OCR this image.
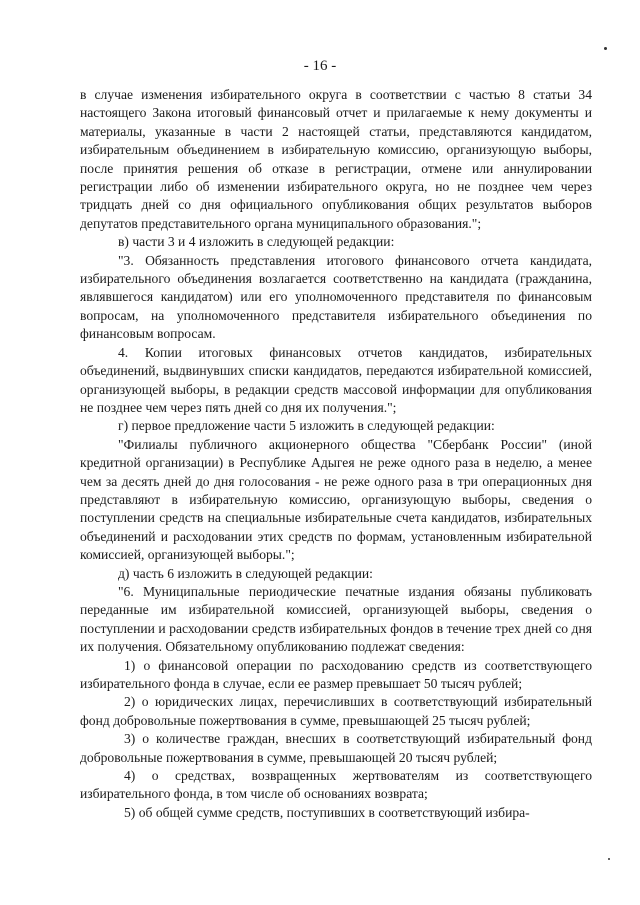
- 16 -

в случае изменения избирательного округа в соответствии с частью 8 статьи 34 настоящего Закона итоговый финансовый отчет и прилагаемые к нему документы и материалы, указанные в части 2 настоящей статьи, представляются кандидатом, избирательным объединением в избирательную комиссию, организующую выборы, после принятия решения об отказе в регистрации, отмене или аннулировании регистрации либо об изменении избирательного округа, но не позднее чем через тридцать дней со дня официального опубликования общих результатов выборов депутатов представительного органа муниципального образования.";

в) части 3 и 4 изложить в следующей редакции:

"3. Обязанность представления итогового финансового отчета кандидата, избирательного объединения возлагается соответственно на кандидата (гражданина, являвшегося кандидатом) или его уполномоченного представителя по финансовым вопросам, на уполномоченного представителя избирательного объединения по финансовым вопросам.

4. Копии итоговых финансовых отчетов кандидатов, избирательных объединений, выдвинувших списки кандидатов, передаются избирательной комиссией, организующей выборы, в редакции средств массовой информации для опубликования не позднее чем через пять дней со дня их получения.";

г) первое предложение части 5 изложить в следующей редакции:

"Филиалы публичного акционерного общества "Сбербанк России" (иной кредитной организации) в Республике Адыгея не реже одного раза в неделю, а менее чем за десять дней до дня голосования - не реже одного раза в три операционных дня представляют в избирательную комиссию, организующую выборы, сведения о поступлении средств на специальные избирательные счета кандидатов, избирательных объединений и расходовании этих средств по формам, установленным избирательной комиссией, организующей выборы.";

д) часть 6 изложить в следующей редакции:

"6. Муниципальные периодические печатные издания обязаны публиковать переданные им избирательной комиссией, организующей выборы, сведения о поступлении и расходовании средств избирательных фондов в течение трех дней со дня их получения. Обязательному опубликованию подлежат сведения:

1) о финансовой операции по расходованию средств из соответствующего избирательного фонда в случае, если ее размер превышает 50 тысяч рублей;

2) о юридических лицах, перечисливших в соответствующий избирательный фонд добровольные пожертвования в сумме, превышающей 25 тысяч рублей;

3) о количестве граждан, внесших в соответствующий избирательный фонд добровольные пожертвования в сумме, превышающей 20 тысяч рублей;

4) о средствах, возвращенных жертвователям из соответствующего избирательного фонда, в том числе об основаниях возврата;

5) об общей сумме средств, поступивших в соответствующий избира-
